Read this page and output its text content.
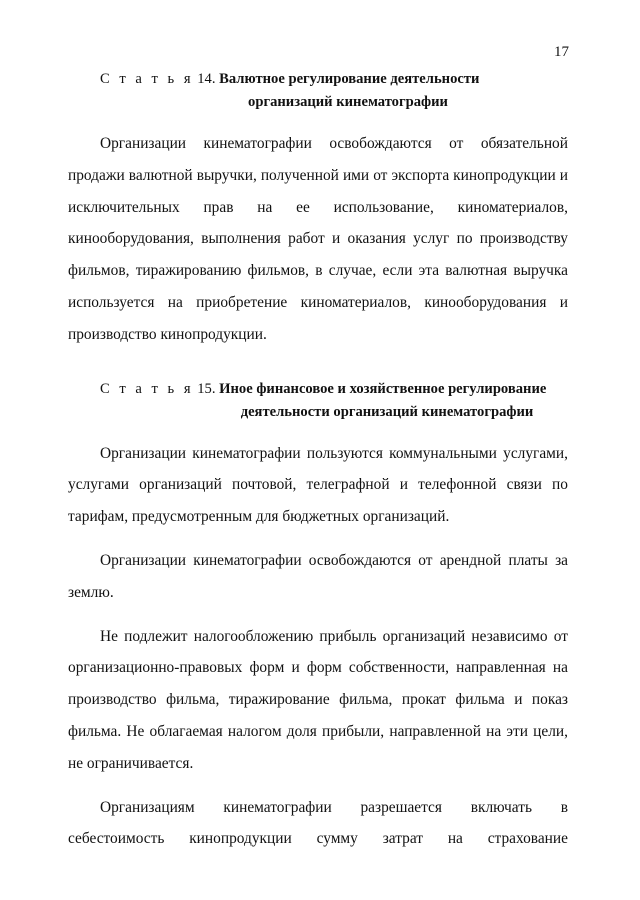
17
С т а т ь я 14. Валютное регулирование деятельности
организаций кинематографии

Организации кинематографии освобождаются от обязательной продажи валютной выручки, полученной ими от экспорта кинопродукции и исключительных прав на ее использование, киноматериалов, кинооборудования, выполнения работ и оказания услуг по производству фильмов, тиражированию фильмов, в случае, если эта валютная выручка используется на приобретение киноматериалов, кинооборудования и производство кинопродукции.

С т а т ь я 15. Иное финансовое и хозяйственное регулирование
деятельности организаций кинематографии

Организации кинематографии пользуются коммунальными услугами, услугами организаций почтовой, телеграфной и телефонной связи по тарифам, предусмотренным для бюджетных организаций.

Организации кинематографии освобождаются от арендной платы за землю.

Не подлежит налогообложению прибыль организаций независимо от организационно-правовых форм и форм собственности, направленная на производство фильма, тиражирование фильма, прокат фильма и показ фильма. Не облагаемая налогом доля прибыли, направленной на эти цели, не ограничивается.

Организациям кинематографии разрешается включать в себестоимость кинопродукции сумму затрат на страхование
